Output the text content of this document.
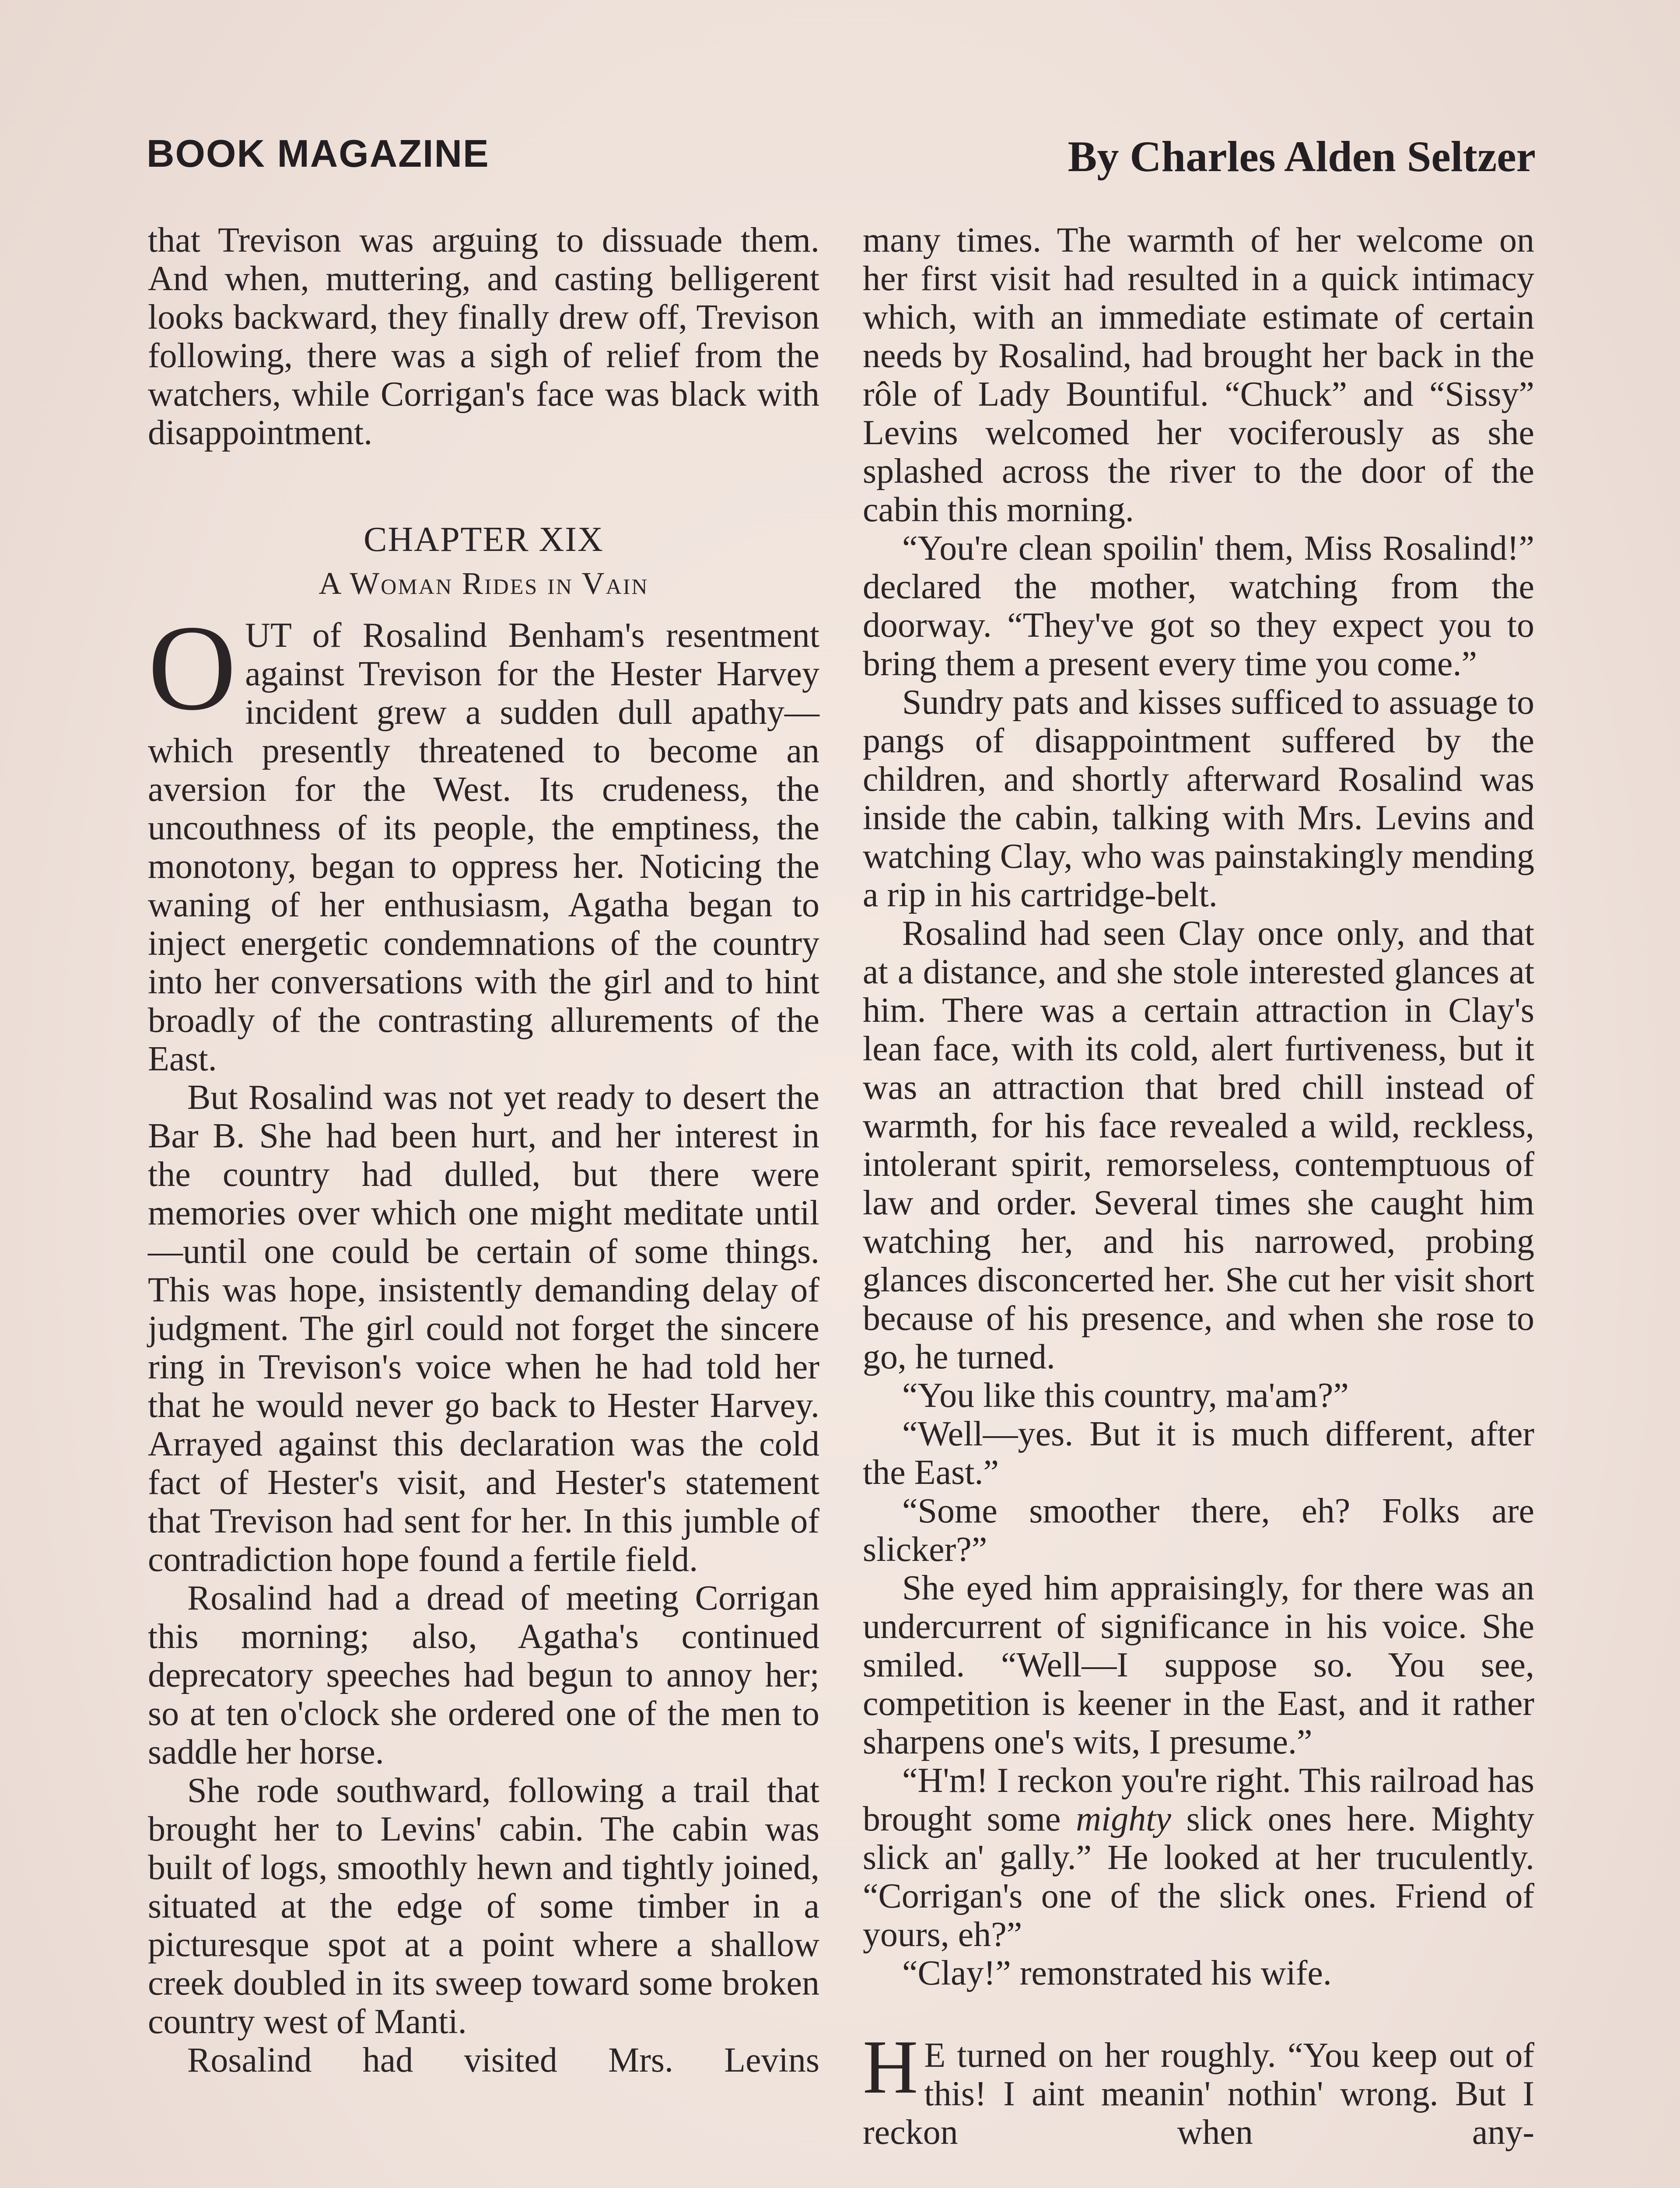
BOOK MAGAZINE	By Charles Alden Seltzer

that Trevison was arguing to dissuade them. And when, muttering, and casting belligerent looks backward, they finally drew off, Trevison following, there was a sigh of relief from the watchers, while Corrigan's face was black with disappointment.

CHAPTER XIX
A Woman Rides in Vain

OUT of Rosalind Benham's resentment against Trevison for the Hester Harvey incident grew a sudden dull apathy—which presently threatened to become an aversion for the West. Its crudeness, the uncouthness of its people, the emptiness, the monotony, began to oppress her. Noticing the waning of her enthusiasm, Agatha began to inject energetic condemnations of the country into her conversations with the girl and to hint broadly of the contrasting allurements of the East.

But Rosalind was not yet ready to desert the Bar B. She had been hurt, and her interest in the country had dulled, but there were memories over which one might meditate until—until one could be certain of some things. This was hope, insistently demanding delay of judgment. The girl could not forget the sincere ring in Trevison's voice when he had told her that he would never go back to Hester Harvey. Arrayed against this declaration was the cold fact of Hester's visit, and Hester's statement that Trevison had sent for her. In this jumble of contradiction hope found a fertile field.

Rosalind had a dread of meeting Corrigan this morning; also, Agatha's continued deprecatory speeches had begun to annoy her; so at ten o'clock she ordered one of the men to saddle her horse.

She rode southward, following a trail that brought her to Levins' cabin. The cabin was built of logs, smoothly hewn and tightly joined, situated at the edge of some timber in a picturesque spot at a point where a shallow creek doubled in its sweep toward some broken country west of Manti.

Rosalind had visited Mrs. Levins

many times. The warmth of her welcome on her first visit had resulted in a quick intimacy which, with an immediate estimate of certain needs by Rosalind, had brought her back in the rôle of Lady Bountiful. “Chuck” and “Sissy” Levins welcomed her vociferously as she splashed across the river to the door of the cabin this morning.

“You're clean spoilin' them, Miss Rosalind!” declared the mother, watching from the doorway. “They've got so they expect you to bring them a present every time you come.”

Sundry pats and kisses sufficed to assuage to pangs of disappointment suffered by the children, and shortly afterward Rosalind was inside the cabin, talking with Mrs. Levins and watching Clay, who was painstakingly mending a rip in his cartridge-belt.

Rosalind had seen Clay once only, and that at a distance, and she stole interested glances at him. There was a certain attraction in Clay's lean face, with its cold, alert furtiveness, but it was an attraction that bred chill instead of warmth, for his face revealed a wild, reckless, intolerant spirit, remorseless, contemptuous of law and order. Several times she caught him watching her, and his narrowed, probing glances disconcerted her. She cut her visit short because of his presence, and when she rose to go, he turned.

“You like this country, ma'am?”

“Well—yes. But it is much different, after the East.”

“Some smoother there, eh? Folks are slicker?”

She eyed him appraisingly, for there was an undercurrent of significance in his voice. She smiled. “Well—I suppose so. You see, competition is keener in the East, and it rather sharpens one's wits, I presume.”

“H'm! I reckon you're right. This railroad has brought some mighty slick ones here. Mighty slick an' gally.” He looked at her truculently. “Corrigan's one of the slick ones. Friend of yours, eh?”

“Clay!” remonstrated his wife.

H E turned on her roughly. “You keep out of this! I aint meanin' nothin' wrong. But I reckon when any-
